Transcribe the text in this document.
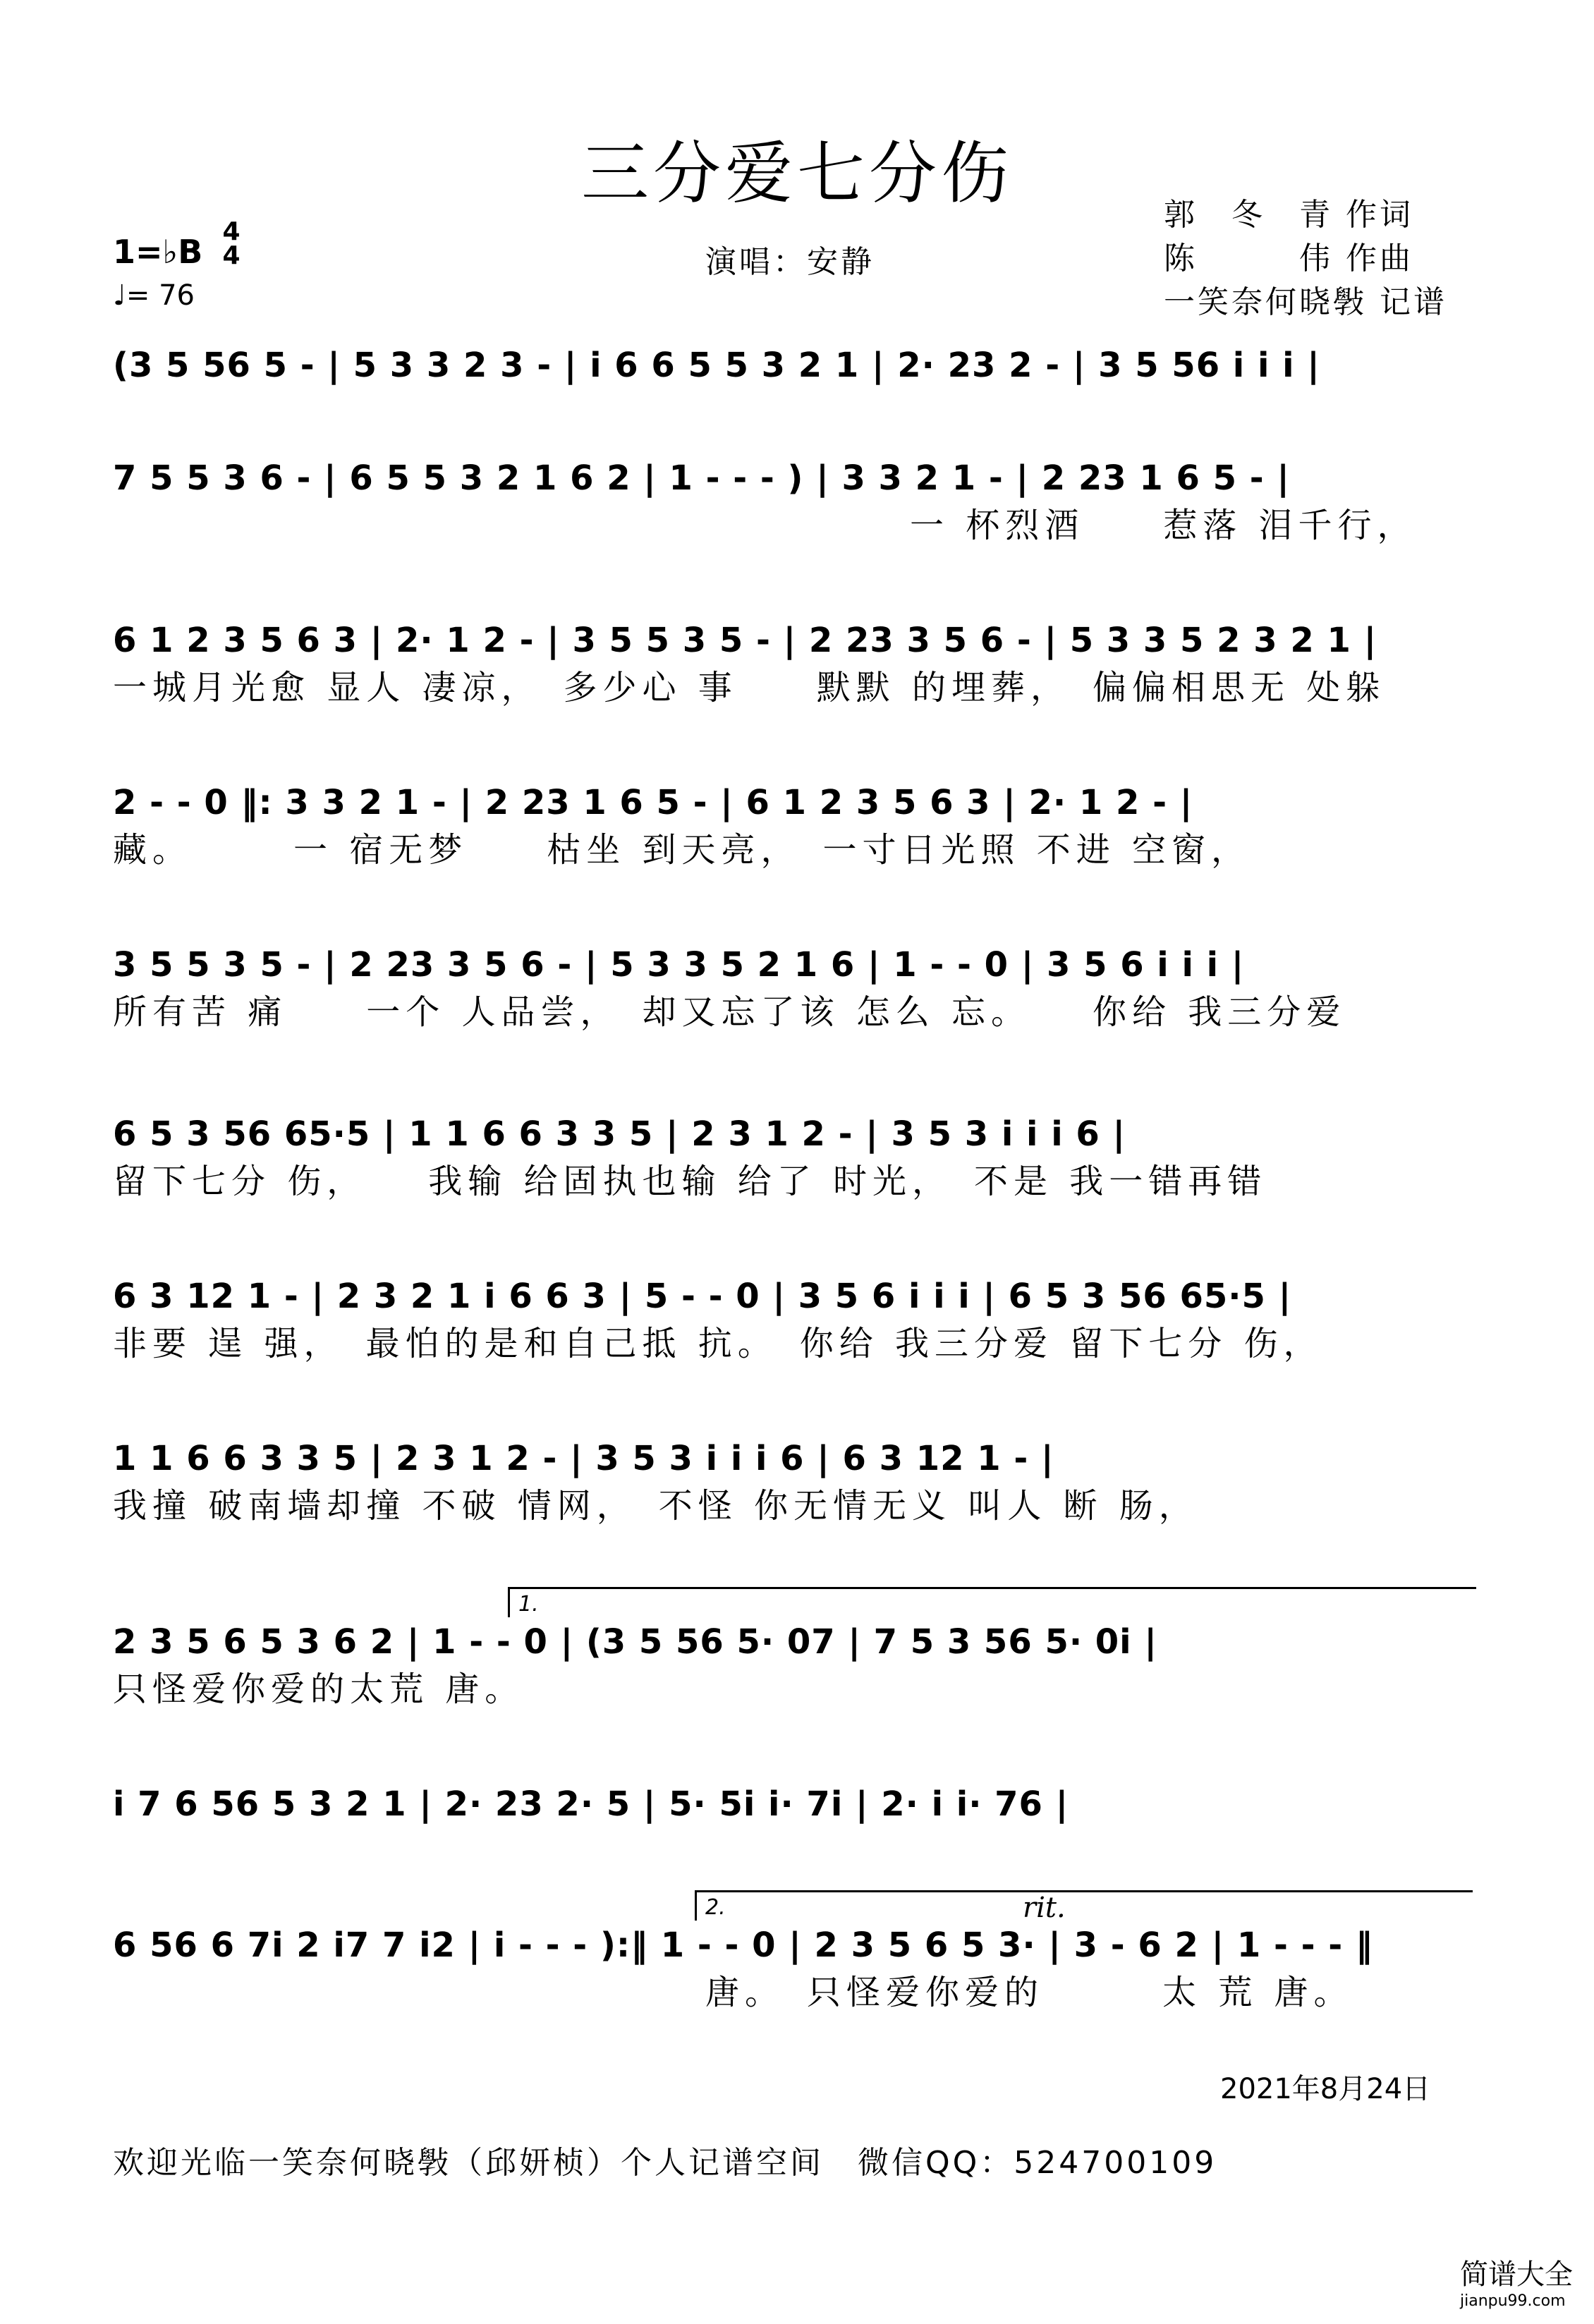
三分爱七分伤
郭　冬　青 作词
陈　　　伟 作曲
一笑奈何晓斅 记谱
1=♭B
4
4
♩= 76
演唱：安静
(3 5 56 5 - | 5 3 3 2 3 - | i 6 6 5 5 3 2 1 | 2· 23 2 - | 3 5 56 i i i |
7 5 5 3 6 - | 6 5 5 3 2 1 6 2 | 1 - - - ) | 3 3 2 1 - | 2 23 1 6 5 - |
一 杯烈酒　　惹落 泪千行，
6 1 2 3 5 6 3 | 2· 1 2 - | 3 5 5 3 5 - | 2 23 3 5 6 - | 5 3 3 5 2 3 2 1 |
一城月光愈 显人 凄凉，　多少心 事　　默默 的埋葬，　偏偏相思无 处躲
2 - - 0 ‖: 3 3 2 1 - | 2 23 1 6 5 - | 6 1 2 3 5 6 3 | 2· 1 2 - |
藏。　　　一 宿无梦　　枯坐 到天亮，　一寸日光照 不进 空窗，
3 5 5 3 5 - | 2 23 3 5 6 - | 5 3 3 5 2 1 6 | 1 - - 0 | 3 5 6 i i i |
所有苦 痛　　一个 人品尝，　却又忘了该 怎么 忘。　　你给 我三分爱
6 5 3 56 65·5 | 1 1 6 6 3 3 5 | 2 3 1 2 - | 3 5 3 i i i 6 |
留下七分 伤，　　我输 给固执也输 给了 时光，　不是 我一错再错
6 3 12 1 - | 2 3 2 1 i 6 6 3 | 5 - - 0 | 3 5 6 i i i | 6 5 3 56 65·5 |
非要 逞 强，　最怕的是和自己抵 抗。　你给 我三分爱 留下七分 伤，
1 1 6 6 3 3 5 | 2 3 1 2 - | 3 5 3 i i i 6 | 6 3 12 1 - |
我撞 破南墙却撞 不破 情网，　不怪 你无情无义 叫人 断 肠，
1.
2 3 5 6 5 3 6 2 | 1 - - 0 | (3 5 56 5· 07 | 7 5 3 56 5· 0i |
只怪爱你爱的太荒 唐。
i 7 6 56 5 3 2 1 | 2· 23 2· 5 | 5· 5i i· 7i | 2· i i· 76 |
2.	rit.
6 56 6 7i 2 i7 7 i2 | i - - - ):‖ 1 - - 0 | 2 3 5 6 5 3· | 3 - 6 2 | 1 - - - ‖
唐。　只怪爱你爱的　　　太 荒 唐。
2021年8月24日
欢迎光临一笑奈何晓斅（邱妍桢）个人记谱空间　微信QQ：524700109
简谱大全
jianpu99.com
